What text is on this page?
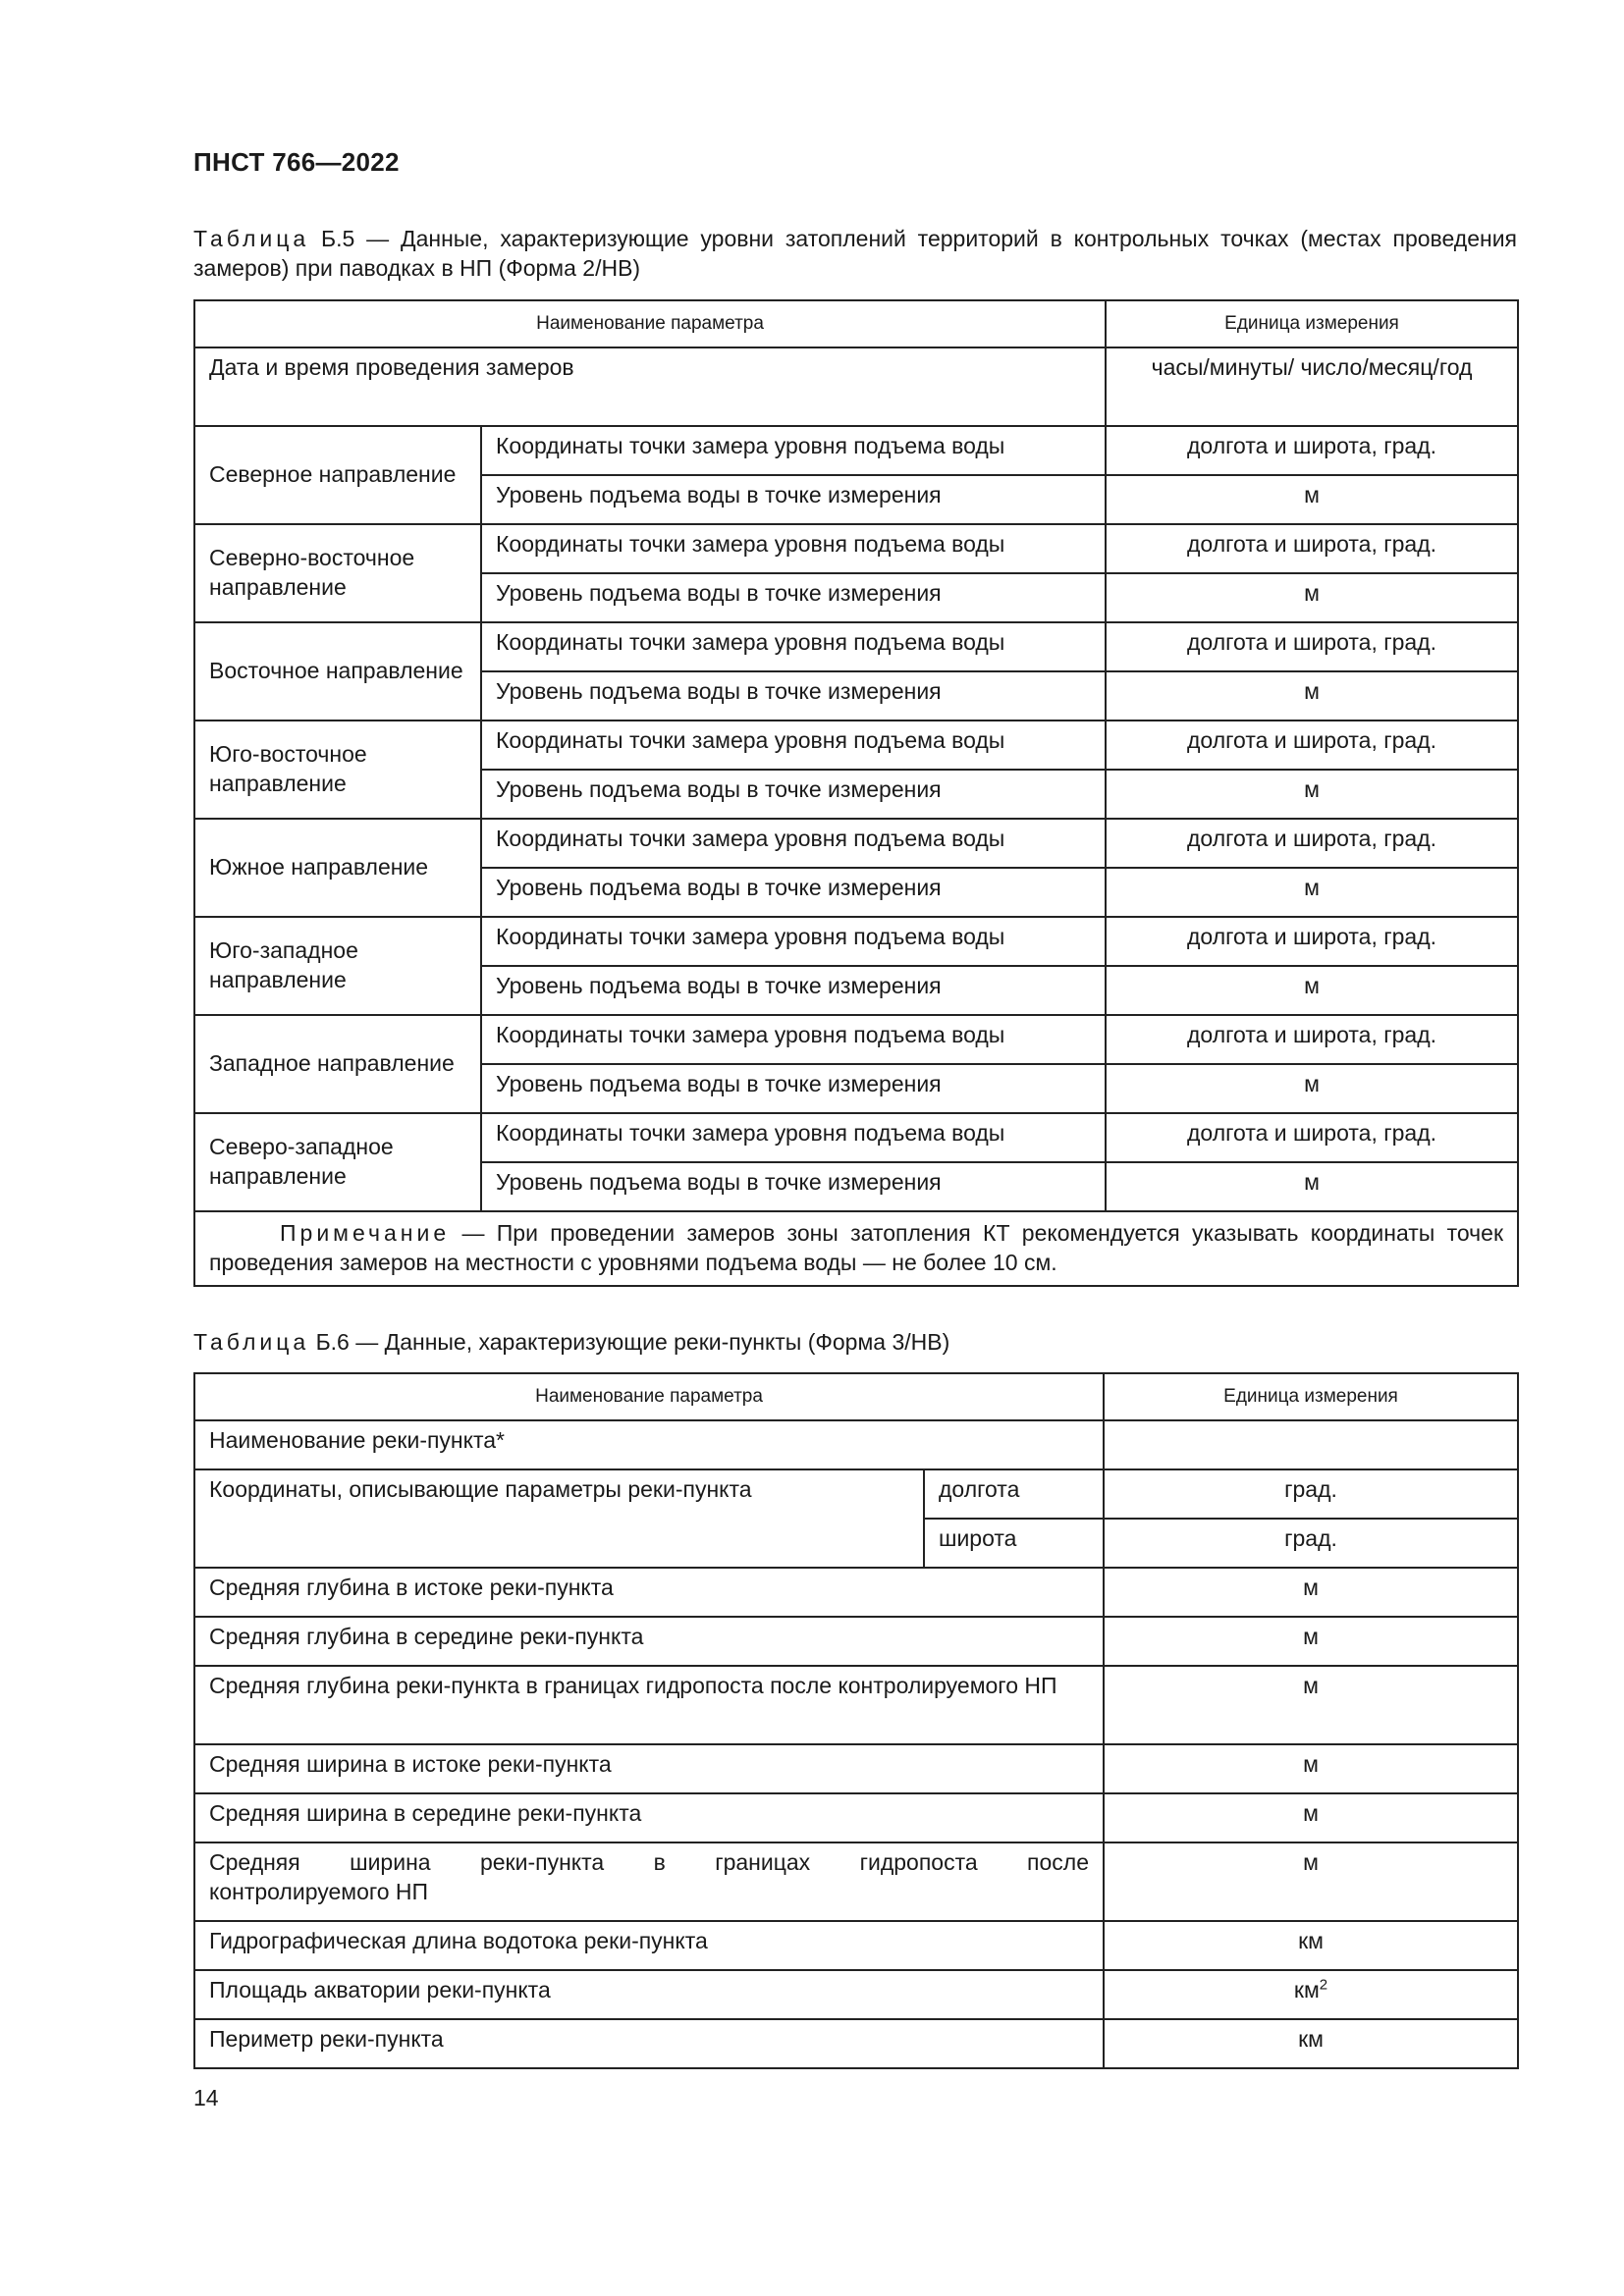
ПНСТ 766—2022
Таблица Б.5 — Данные, характеризующие уровни затоплений территорий в контрольных точках (местах проведения замеров) при паводках в НП (Форма 2/НВ)
Наименование параметра		Единица измерения
Дата и время проведения замеров		часы/минуты/ число/месяц/год
Северное направление	Координаты точки замера уровня подъема воды	долгота и широта, град.
	Уровень подъема воды в точке измерения	м
Северно-восточное направление	Координаты точки замера уровня подъема воды	долгота и широта, град.
	Уровень подъема воды в точке измерения	м
Восточное направление	Координаты точки замера уровня подъема воды	долгота и широта, град.
	Уровень подъема воды в точке измерения	м
Юго-восточное направление	Координаты точки замера уровня подъема воды	долгота и широта, град.
	Уровень подъема воды в точке измерения	м
Южное направление	Координаты точки замера уровня подъема воды	долгота и широта, град.
	Уровень подъема воды в точке измерения	м
Юго-западное направление	Координаты точки замера уровня подъема воды	долгота и широта, град.
	Уровень подъема воды в точке измерения	м
Западное направление	Координаты точки замера уровня подъема воды	долгота и широта, град.
	Уровень подъема воды в точке измерения	м
Северо-западное направление	Координаты точки замера уровня подъема воды	долгота и широта, град.
	Уровень подъема воды в точке измерения	м
Примечание — При проведении замеров зоны затопления КТ рекомендуется указывать координаты точек проведения замеров на местности с уровнями подъема воды — не более 10 см.		
Таблица Б.6 — Данные, характеризующие реки-пункты (Форма 3/НВ)
Наименование параметра		Единица измерения
Наименование реки-пункта*		
Координаты, описывающие параметры реки-пункта	долгота	град.
	широта	град.
Средняя глубина в истоке реки-пункта		м
Средняя глубина в середине реки-пункта		м
Средняя глубина реки-пункта в границах гидропоста после контролируемого НП		м
Средняя ширина в истоке реки-пункта		м
Средняя ширина в середине реки-пункта		м

Средняя ширина реки-пункта в границах гидропоста после
контролируемого НП		м
Гидрографическая длина водотока реки-пункта		км
Площадь акватории реки-пункта		$км^2$
Периметр реки-пункта		км
14
